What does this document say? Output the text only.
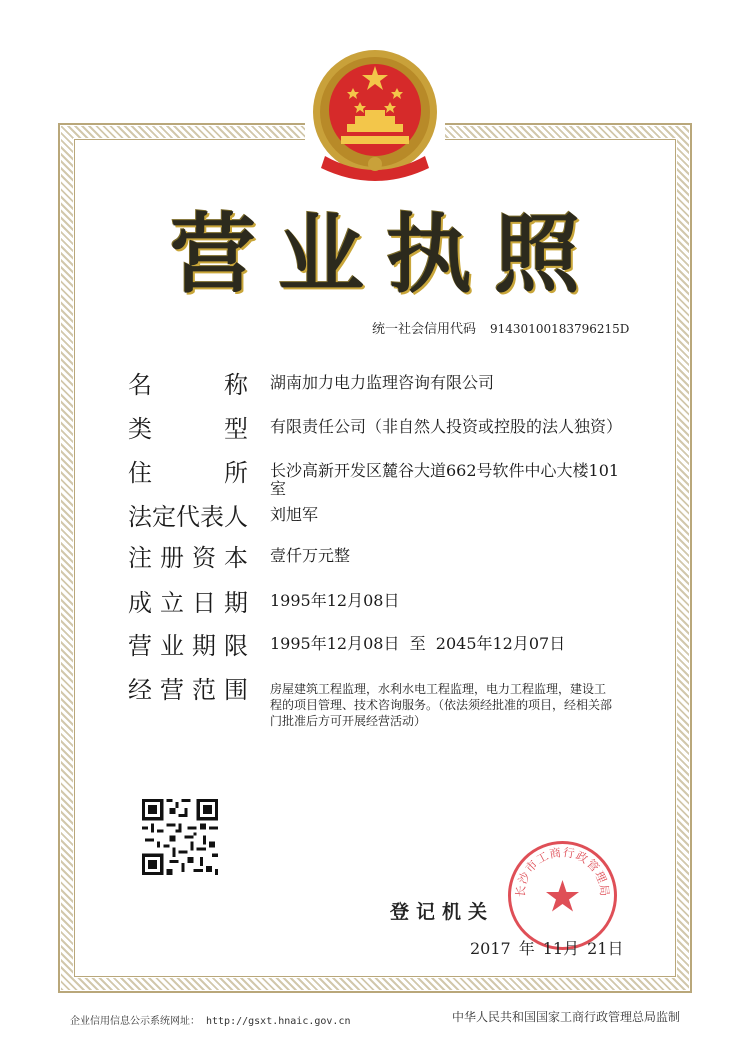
营 业 执 照
统一社会信用代码 91430100183796215D
名	称 湖南加力电力监理咨询有限公司
类	型 有限责任公司（非自然人投资或控股的法人独资）
住	所 长沙高新开发区麓谷大道662号软件中心大楼101室
法 定 代 表 人 刘旭军
注 册 资 本 壹仟万元整
成 立 日 期 1995年12月08日
营 业 期 限 1995年12月08日  至  2045年12月07日
经 营 范 围 房屋建筑工程监理，水利水电工程监理，电力工程监理，建设工程的项目管理、技术咨询服务。（依法须经批准的项目，经相关部门批准后方可开展经营活动）
登记机关
长沙市工商行政管理局
2017 年 11月 21日
企业信用信息公示系统网址： http://gsxt.hnaic.gov.cn	中华人民共和国国家工商行政管理总局监制
